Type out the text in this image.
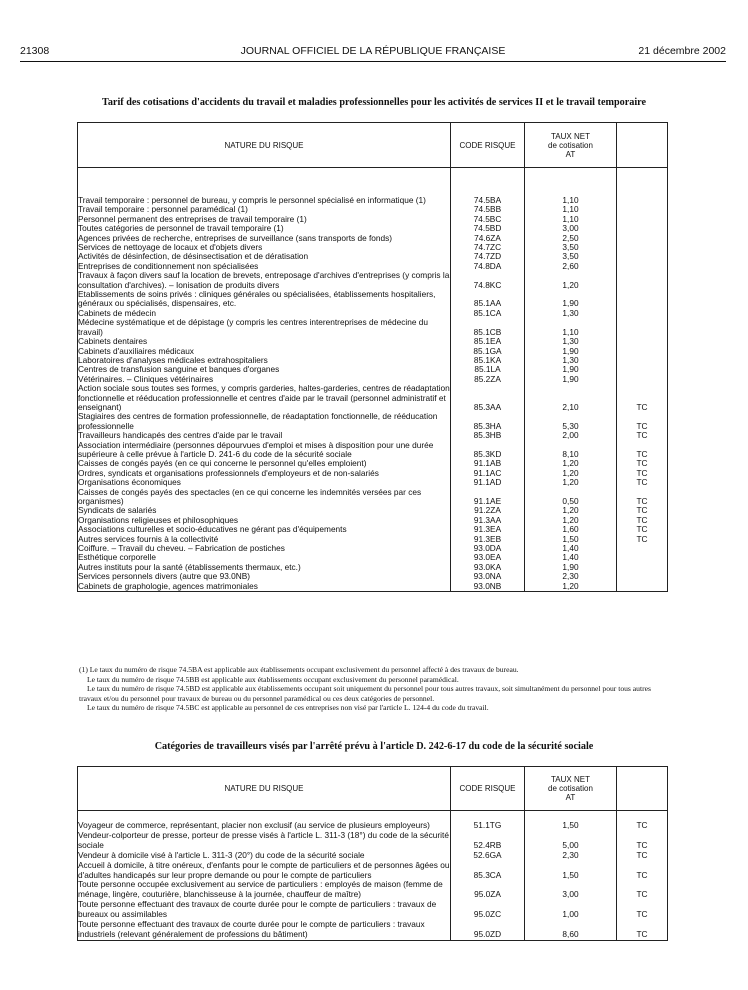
21308	JOURNAL OFFICIEL DE LA RÉPUBLIQUE FRANÇAISE	21 décembre 2002
Tarif des cotisations d'accidents du travail et maladies professionnelles pour les activités de services II et le travail temporaire
NATURE DU RISQUE	CODE RISQUE	TAUX NET
de cotisation
AT	

Travail temporaire : personnel de bureau, y compris le personnel spécialisé en informatique (1)	74.5BA	1,10	
Travail temporaire : personnel paramédical (1)	74.5BB	1,10	
Personnel permanent des entreprises de travail temporaire (1)	74.5BC	1,10	
Toutes catégories de personnel de travail temporaire (1)	74.5BD	3,00	
Agences privées de recherche, entreprises de surveillance (sans transports de fonds)	74.6ZA	2,50	
Services de nettoyage de locaux et d'objets divers	74.7ZC	3,50	
Activités de désinfection, de désinsectisation et de dératisation	74.7ZD	3,50	
Entreprises de conditionnement non spécialisées	74.8DA	2,60	
Travaux à façon divers sauf la location de brevets, entreposage d'archives d'entreprises (y compris la consultation d'archives). – Ionisation de produits divers	74.8KC	1,20	
Etablissements de soins privés : cliniques générales ou spécialisées, établissements hospitaliers, généraux ou spécialisés, dispensaires, etc.	85.1AA	1,90	
Cabinets de médecin	85.1CA	1,30	
Médecine systématique et de dépistage (y compris les centres interentreprises de médecine du travail)	85.1CB	1,10	
Cabinets dentaires	85.1EA	1,30	
Cabinets d'auxiliaires médicaux	85.1GA	1,90	
Laboratoires d'analyses médicales extrahospitaliers	85.1KA	1,30	
Centres de transfusion sanguine et banques d'organes	85.1LA	1,90	
Vétérinaires. – Cliniques vétérinaires	85.2ZA	1,90	
Action sociale sous toutes ses formes, y compris garderies, haltes-garderies, centres de réadaptation fonctionnelle et rééducation professionnelle et centres d'aide par le travail (personnel administratif et enseignant)	85.3AA	2,10	TC
Stagiaires des centres de formation professionnelle, de réadaptation fonctionnelle, de rééducation professionnelle	85.3HA	5,30	TC
Travailleurs handicapés des centres d'aide par le travail	85.3HB	2,00	TC
Association intermédiaire (personnes dépourvues d'emploi et mises à disposition pour une durée supérieure à celle prévue à l'article D. 241-6 du code de la sécurité sociale	85.3KD	8,10	TC
Caisses de congés payés (en ce qui concerne le personnel qu'elles emploient)	91.1AB	1,20	TC
Ordres, syndicats et organisations professionnels d'employeurs et de non-salariés	91.1AC	1,20	TC
Organisations économiques	91.1AD	1,20	TC
Caisses de congés payés des spectacles (en ce qui concerne les indemnités versées par ces organismes)	91.1AE	0,50	TC
Syndicats de salariés	91.2ZA	1,20	TC
Organisations religieuses et philosophiques	91.3AA	1,20	TC
Associations culturelles et socio-éducatives ne gérant pas d'équipements	91.3EA	1,60	TC
Autres services fournis à la collectivité	91.3EB	1,50	TC
Coiffure. – Travail du cheveu. – Fabrication de postiches	93.0DA	1,40	
Esthétique corporelle	93.0EA	1,40	
Autres instituts pour la santé (établissements thermaux, etc.)	93.0KA	1,90	
Services personnels divers (autre que 93.0NB)	93.0NA	2,30	
Cabinets de graphologie, agences matrimoniales	93.0NB	1,20	

(1) Le taux du numéro de risque 74.5BA est applicable aux établissements occupant exclusivement du personnel affecté à des travaux de bureau.

Le taux du numéro de risque 74.5BB est applicable aux établissements occupant exclusivement du personnel paramédical.

Le taux du numéro de risque 74.5BD est applicable aux établissements occupant soit uniquement du personnel pour tous autres travaux, soit simultanément du personnel pour tous autres travaux et/ou du personnel pour travaux de bureau ou du personnel paramédical ou ces deux catégories de personnel.

Le taux du numéro de risque 74.5BC est applicable au personnel de ces entreprises non visé par l'article L. 124-4 du code du travail.

Catégories de travailleurs visés par l'arrêté prévu à l'article D. 242-6-17 du code de la sécurité sociale
NATURE DU RISQUE	CODE RISQUE	TAUX NET
de cotisation
AT	

Voyageur de commerce, représentant, placier non exclusif (au service de plusieurs employeurs)	51.1TG	1,50	TC
Vendeur-colporteur de presse, porteur de presse visés à l'article L. 311-3 (18°) du code de la sécurité sociale	52.4RB	5,00	TC
Vendeur à domicile visé à l'article L. 311-3 (20°) du code de la sécurité sociale	52.6GA	2,30	TC
Accueil à domicile, à titre onéreux, d'enfants pour le compte de particuliers et de personnes âgées ou d'adultes handicapés sur leur propre demande ou pour le compte de particuliers	85.3CA	1,50	TC
Toute personne occupée exclusivement au service de particuliers : employés de maison (femme de ménage, lingère, couturière, blanchisseuse à la journée, chauffeur de maître)	95.0ZA	3,00	TC
Toute personne effectuant des travaux de courte durée pour le compte de particuliers : travaux de bureaux ou assimilables	95.0ZC	1,00	TC
Toute personne effectuant des travaux de courte durée pour le compte de particuliers : travaux industriels (relevant généralement de professions du bâtiment)	95.0ZD	8,60	TC
